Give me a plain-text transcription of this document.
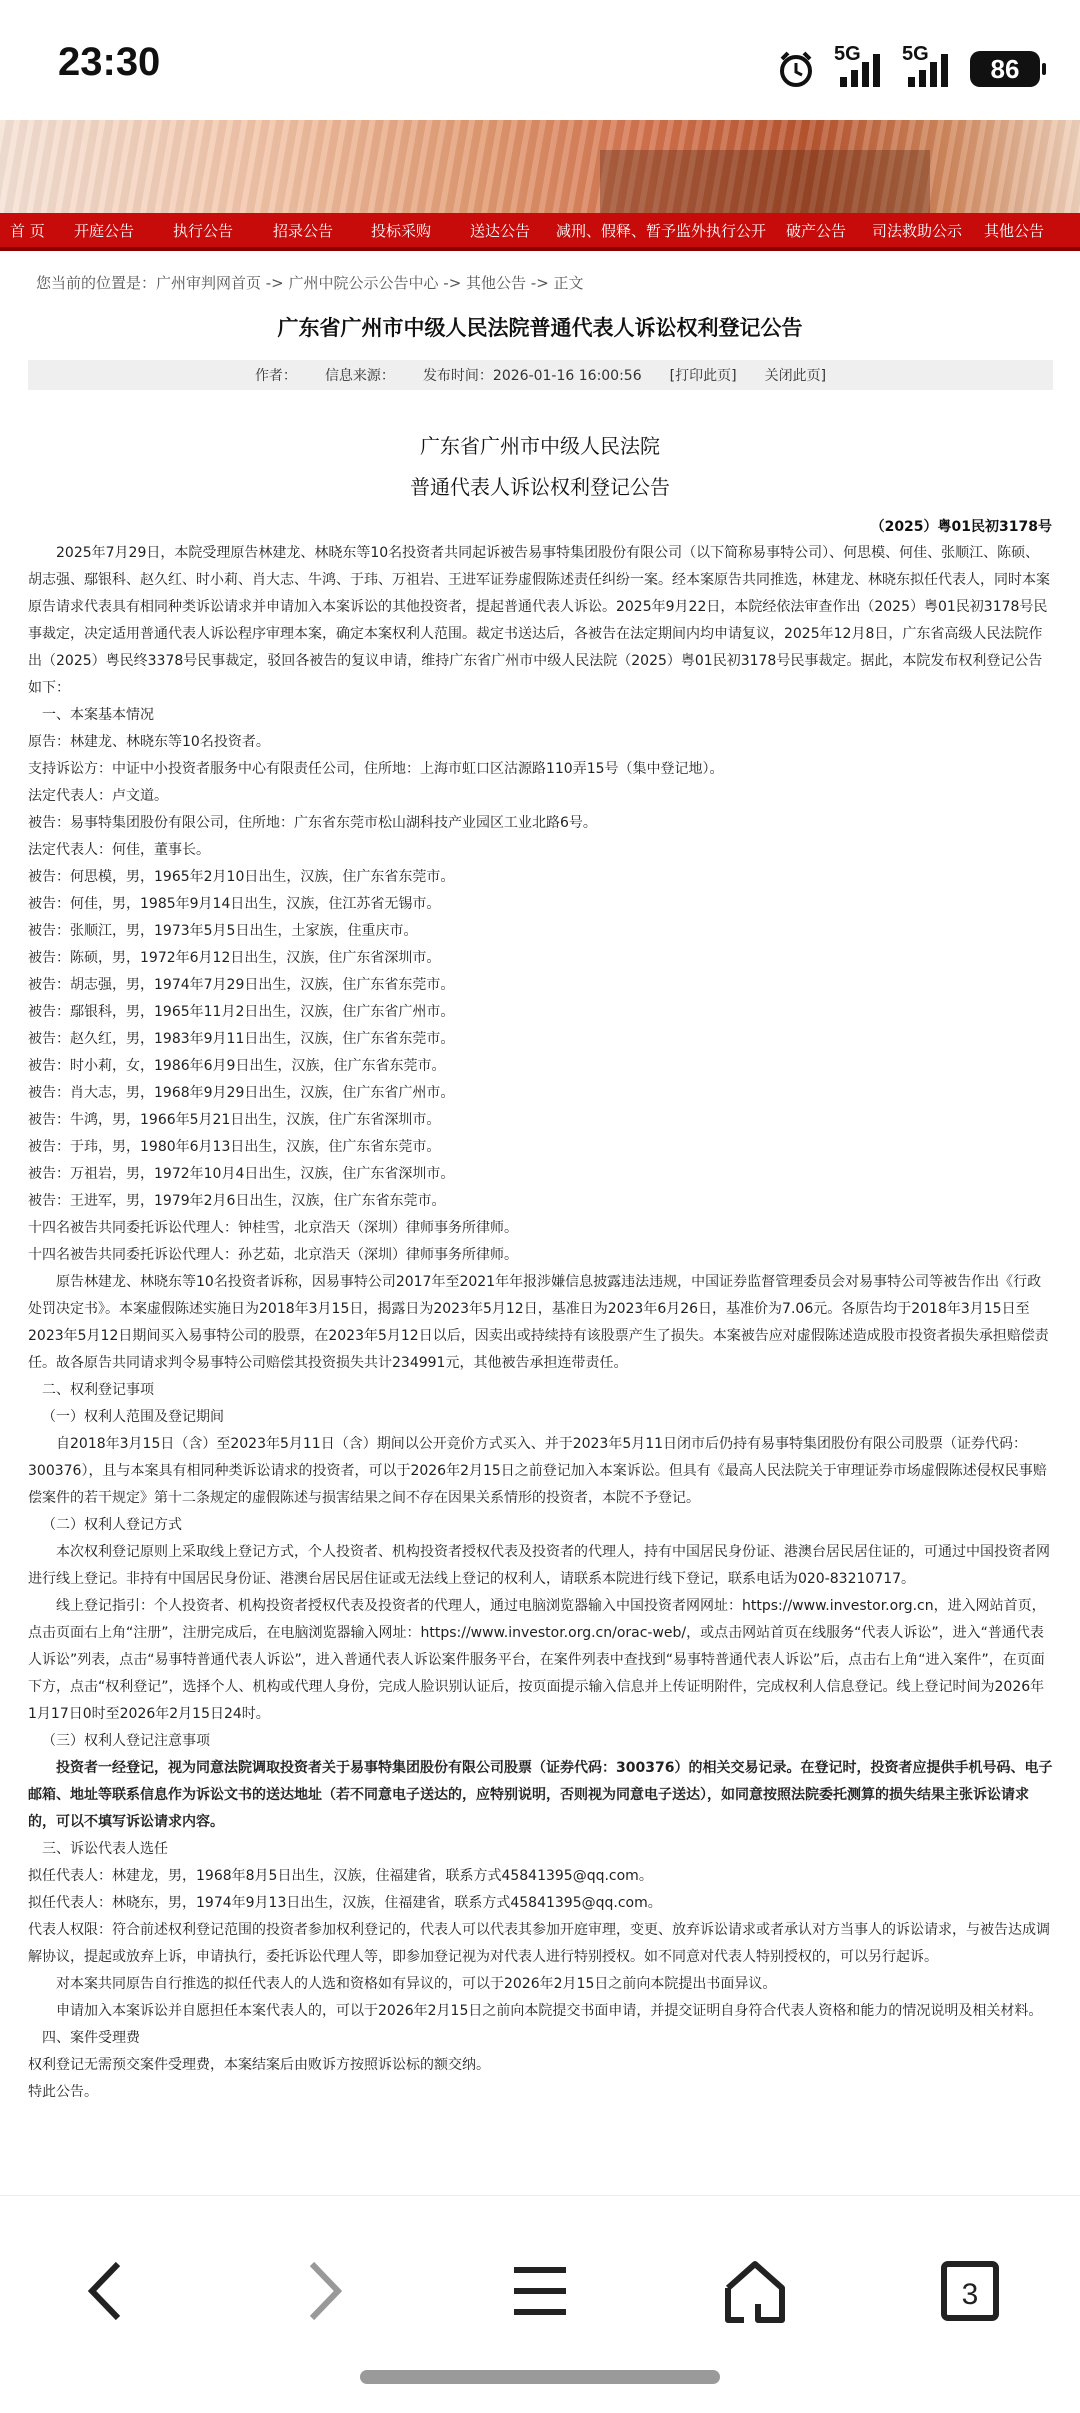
23:30	5G 5G	86
首 页 开庭公告	执行公告	招录公告	投标采购	送达公告 减刑、假释、暂予监外执行公开 破产公告 司法救助公示 其他公告
您当前的位置是：广州审判网首页 -> 广州中院公示公告中心 -> 其他公告 -> 正文
广东省广州市中级人民法院普通代表人诉讼权利登记公告
作者： 信息来源： 发布时间：2026-01-16 16:00:56 [打印此页] 关闭此页]
广东省广州市中级人民法院
普通代表人诉讼权利登记公告
（2025）粤01民初3178号

2025年7月29日，本院受理原告林建龙、林晓东等10名投资者共同起诉被告易事特集团股份有限公司（以下简称易事特公司）、何思模、何佳、张顺江、陈硕、胡志强、鄢银科、赵久红、时小莉、肖大志、牛鸿、于玮、万祖岩、王进军证券虚假陈述责任纠纷一案。经本案原告共同推选，林建龙、林晓东拟任代表人，同时本案原告请求代表具有相同种类诉讼请求并申请加入本案诉讼的其他投资者，提起普通代表人诉讼。2025年9月22日，本院经依法审查作出（2025）粤01民初3178号民事裁定，决定适用普通代表人诉讼程序审理本案，确定本案权利人范围。裁定书送达后，各被告在法定期间内均申请复议，2025年12月8日，广东省高级人民法院作出（2025）粤民终3378号民事裁定，驳回各被告的复议申请，维持广东省广州市中级人民法院（2025）粤01民初3178号民事裁定。据此，本院发布权利登记公告如下：

一、本案基本情况

原告：林建龙、林晓东等10名投资者。

支持诉讼方：中证中小投资者服务中心有限责任公司，住所地：上海市虹口区沽源路110弄15号（集中登记地）。

法定代表人：卢文道。

被告：易事特集团股份有限公司，住所地：广东省东莞市松山湖科技产业园区工业北路6号。

法定代表人：何佳，董事长。

被告：何思模，男，1965年2月10日出生，汉族，住广东省东莞市。

被告：何佳，男，1985年9月14日出生，汉族，住江苏省无锡市。

被告：张顺江，男，1973年5月5日出生，土家族，住重庆市。

被告：陈硕，男，1972年6月12日出生，汉族，住广东省深圳市。

被告：胡志强，男，1974年7月29日出生，汉族，住广东省东莞市。

被告：鄢银科，男，1965年11月2日出生，汉族，住广东省广州市。

被告：赵久红，男，1983年9月11日出生，汉族，住广东省东莞市。

被告：时小莉，女，1986年6月9日出生，汉族，住广东省东莞市。

被告：肖大志，男，1968年9月29日出生，汉族，住广东省广州市。

被告：牛鸿，男，1966年5月21日出生，汉族，住广东省深圳市。

被告：于玮，男，1980年6月13日出生，汉族，住广东省东莞市。

被告：万祖岩，男，1972年10月4日出生，汉族，住广东省深圳市。

被告：王进军，男，1979年2月6日出生，汉族，住广东省东莞市。

十四名被告共同委托诉讼代理人：钟桂雪，北京浩天（深圳）律师事务所律师。

十四名被告共同委托诉讼代理人：孙艺茹，北京浩天（深圳）律师事务所律师。

原告林建龙、林晓东等10名投资者诉称，因易事特公司2017年至2021年年报涉嫌信息披露违法违规，中国证券监督管理委员会对易事特公司等被告作出《行政处罚决定书》。本案虚假陈述实施日为2018年3月15日，揭露日为2023年5月12日，基准日为2023年6月26日，基准价为7.06元。各原告均于2018年3月15日至2023年5月12日期间买入易事特公司的股票，在2023年5月12日以后，因卖出或持续持有该股票产生了损失。本案被告应对虚假陈述造成股市投资者损失承担赔偿责任。故各原告共同请求判令易事特公司赔偿其投资损失共计234991元，其他被告承担连带责任。

二、权利登记事项

（一）权利人范围及登记期间

自2018年3月15日（含）至2023年5月11日（含）期间以公开竞价方式买入、并于2023年5月11日闭市后仍持有易事特集团股份有限公司股票（证券代码：300376），且与本案具有相同种类诉讼请求的投资者，可以于2026年2月15日之前登记加入本案诉讼。但具有《最高人民法院关于审理证券市场虚假陈述侵权民事赔偿案件的若干规定》第十二条规定的虚假陈述与损害结果之间不存在因果关系情形的投资者，本院不予登记。

（二）权利人登记方式

本次权利登记原则上采取线上登记方式，个人投资者、机构投资者授权代表及投资者的代理人，持有中国居民身份证、港澳台居民居住证的，可通过中国投资者网进行线上登记。非持有中国居民身份证、港澳台居民居住证或无法线上登记的权利人，请联系本院进行线下登记，联系电话为020-83210717。

线上登记指引：个人投资者、机构投资者授权代表及投资者的代理人，通过电脑浏览器输入中国投资者网网址：https://www.investor.org.cn，进入网站首页，点击页面右上角“注册”，注册完成后，在电脑浏览器输入网址：https://www.investor.org.cn/orac-web/，或点击网站首页在线服务“代表人诉讼”，进入“普通代表人诉讼”列表，点击“易事特普通代表人诉讼”，进入普通代表人诉讼案件服务平台，在案件列表中查找到“易事特普通代表人诉讼”后，点击右上角“进入案件”，在页面下方，点击“权利登记”，选择个人、机构或代理人身份，完成人脸识别认证后，按页面提示输入信息并上传证明附件，完成权利人信息登记。线上登记时间为2026年1月17日0时至2026年2月15日24时。

（三）权利人登记注意事项

投资者一经登记，视为同意法院调取投资者关于易事特集团股份有限公司股票（证券代码：300376）的相关交易记录。在登记时，投资者应提供手机号码、电子邮箱、地址等联系信息作为诉讼文书的送达地址（若不同意电子送达的，应特别说明，否则视为同意电子送达），如同意按照法院委托测算的损失结果主张诉讼请求的，可以不填写诉讼请求内容。

三、诉讼代表人选任

拟任代表人：林建龙，男，1968年8月5日出生，汉族，住福建省，联系方式45841395@qq.com。

拟任代表人：林晓东，男，1974年9月13日出生，汉族，住福建省，联系方式45841395@qq.com。

代表人权限：符合前述权利登记范围的投资者参加权利登记的，代表人可以代表其参加开庭审理，变更、放弃诉讼请求或者承认对方当事人的诉讼请求，与被告达成调解协议，提起或放弃上诉，申请执行，委托诉讼代理人等，即参加登记视为对代表人进行特别授权。如不同意对代表人特别授权的，可以另行起诉。

对本案共同原告自行推选的拟任代表人的人选和资格如有异议的，可以于2026年2月15日之前向本院提出书面异议。

申请加入本案诉讼并自愿担任本案代表人的，可以于2026年2月15日之前向本院提交书面申请，并提交证明自身符合代表人资格和能力的情况说明及相关材料。

四、案件受理费

权利登记无需预交案件受理费，本案结案后由败诉方按照诉讼标的额交纳。

特此公告。

3
